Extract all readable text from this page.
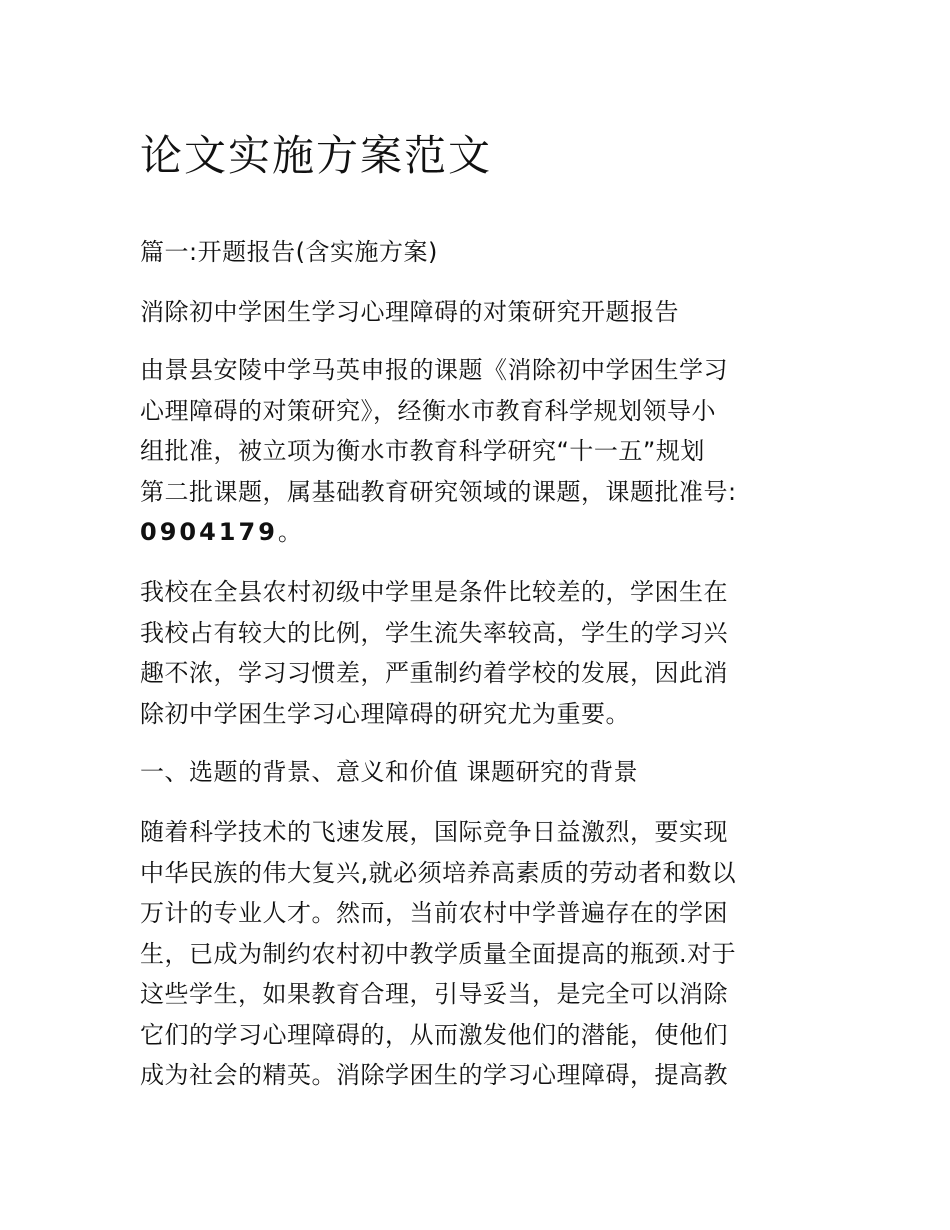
论文实施方案范文
篇一:开题报告(含实施方案)
消除初中学困生学习心理障碍的对策研究开题报告
由景县安陵中学马英申报的课题《消除初中学困生学习
心理障碍的对策研究》，经衡水市教育科学规划领导小
组批准，被立项为衡水市教育科学研究“十一五”规划
第二批课题，属基础教育研究领域的课题，课题批准号:
0904179。
我校在全县农村初级中学里是条件比较差的，学困生在
我校占有较大的比例，学生流失率较高，学生的学习兴
趣不浓，学习习惯差，严重制约着学校的发展，因此消
除初中学困生学习心理障碍的研究尤为重要。
一、选题的背景、意义和价值 课题研究的背景
随着科学技术的飞速发展，国际竞争日益激烈，要实现
中华民族的伟大复兴,就必须培养高素质的劳动者和数以
万计的专业人才。然而，当前农村中学普遍存在的学困
生，已成为制约农村初中教学质量全面提高的瓶颈.对于
这些学生，如果教育合理，引导妥当，是完全可以消除
它们的学习心理障碍的，从而激发他们的潜能，使他们
成为社会的精英。消除学困生的学习心理障碍，提高教
